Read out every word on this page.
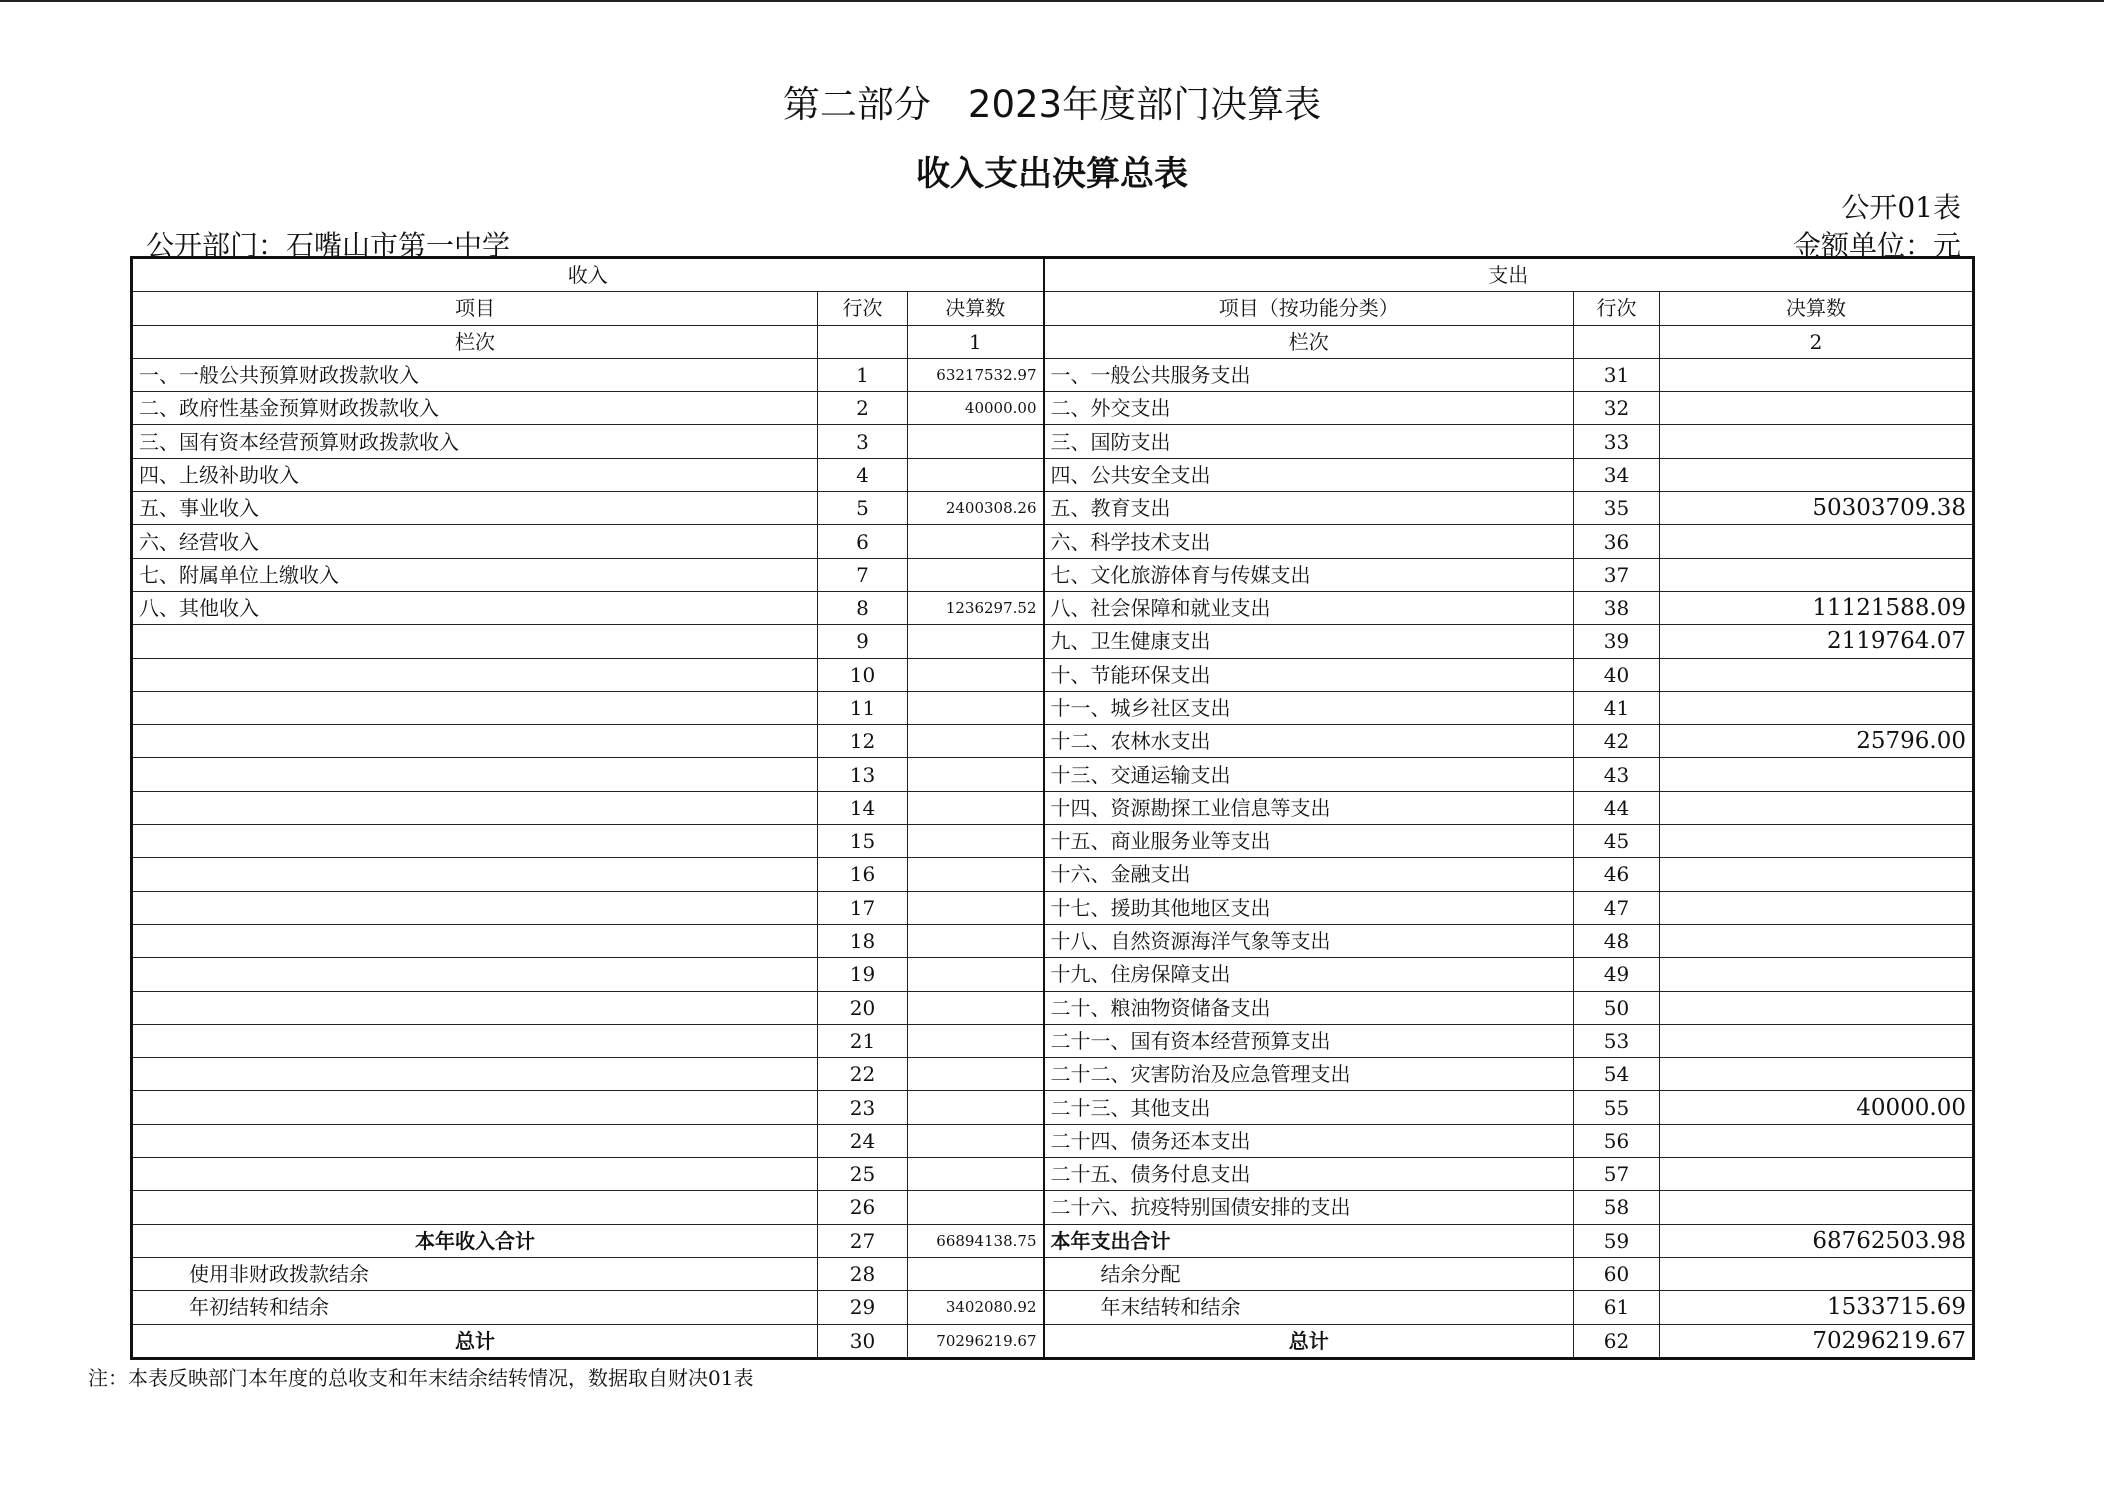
第二部分　2023年度部门决算表
收入支出决算总表
公开01表
公开部门：石嘴山市第一中学	金额单位：元
收入			支出		
项目	行次	决算数	项目（按功能分类）	行次	决算数
栏次		1	栏次		2
一、一般公共预算财政拨款收入	1	63217532.97	一、一般公共服务支出	31	
二、政府性基金预算财政拨款收入	2	40000.00	二、外交支出	32	
三、国有资本经营预算财政拨款收入	3		三、国防支出	33	
四、上级补助收入	4		四、公共安全支出	34	
五、事业收入	5	2400308.26	五、教育支出	35	50303709.38
六、经营收入	6		六、科学技术支出	36	
七、附属单位上缴收入	7		七、文化旅游体育与传媒支出	37	
八、其他收入	8	1236297.52	八、社会保障和就业支出	38	11121588.09
	9		九、卫生健康支出	39	2119764.07
	10		十、节能环保支出	40	
	11		十一、城乡社区支出	41	
	12		十二、农林水支出	42	25796.00
	13		十三、交通运输支出	43	
	14		十四、资源勘探工业信息等支出	44	
	15		十五、商业服务业等支出	45	
	16		十六、金融支出	46	
	17		十七、援助其他地区支出	47	
	18		十八、自然资源海洋气象等支出	48	
	19		十九、住房保障支出	49	
	20		二十、粮油物资储备支出	50	
	21		二十一、国有资本经营预算支出	53	
	22		二十二、灾害防治及应急管理支出	54	
	23		二十三、其他支出	55	40000.00
	24		二十四、债务还本支出	56	
	25		二十五、债务付息支出	57	
	26		二十六、抗疫特别国债安排的支出	58	
本年收入合计	27	66894138.75	本年支出合计	59	68762503.98
使用非财政拨款结余	28		结余分配	60	
年初结转和结余	29	3402080.92	年末结转和结余	61	1533715.69
总计	30	70296219.67	总计	62	70296219.67
注：本表反映部门本年度的总收支和年末结余结转情况，数据取自财决01表
